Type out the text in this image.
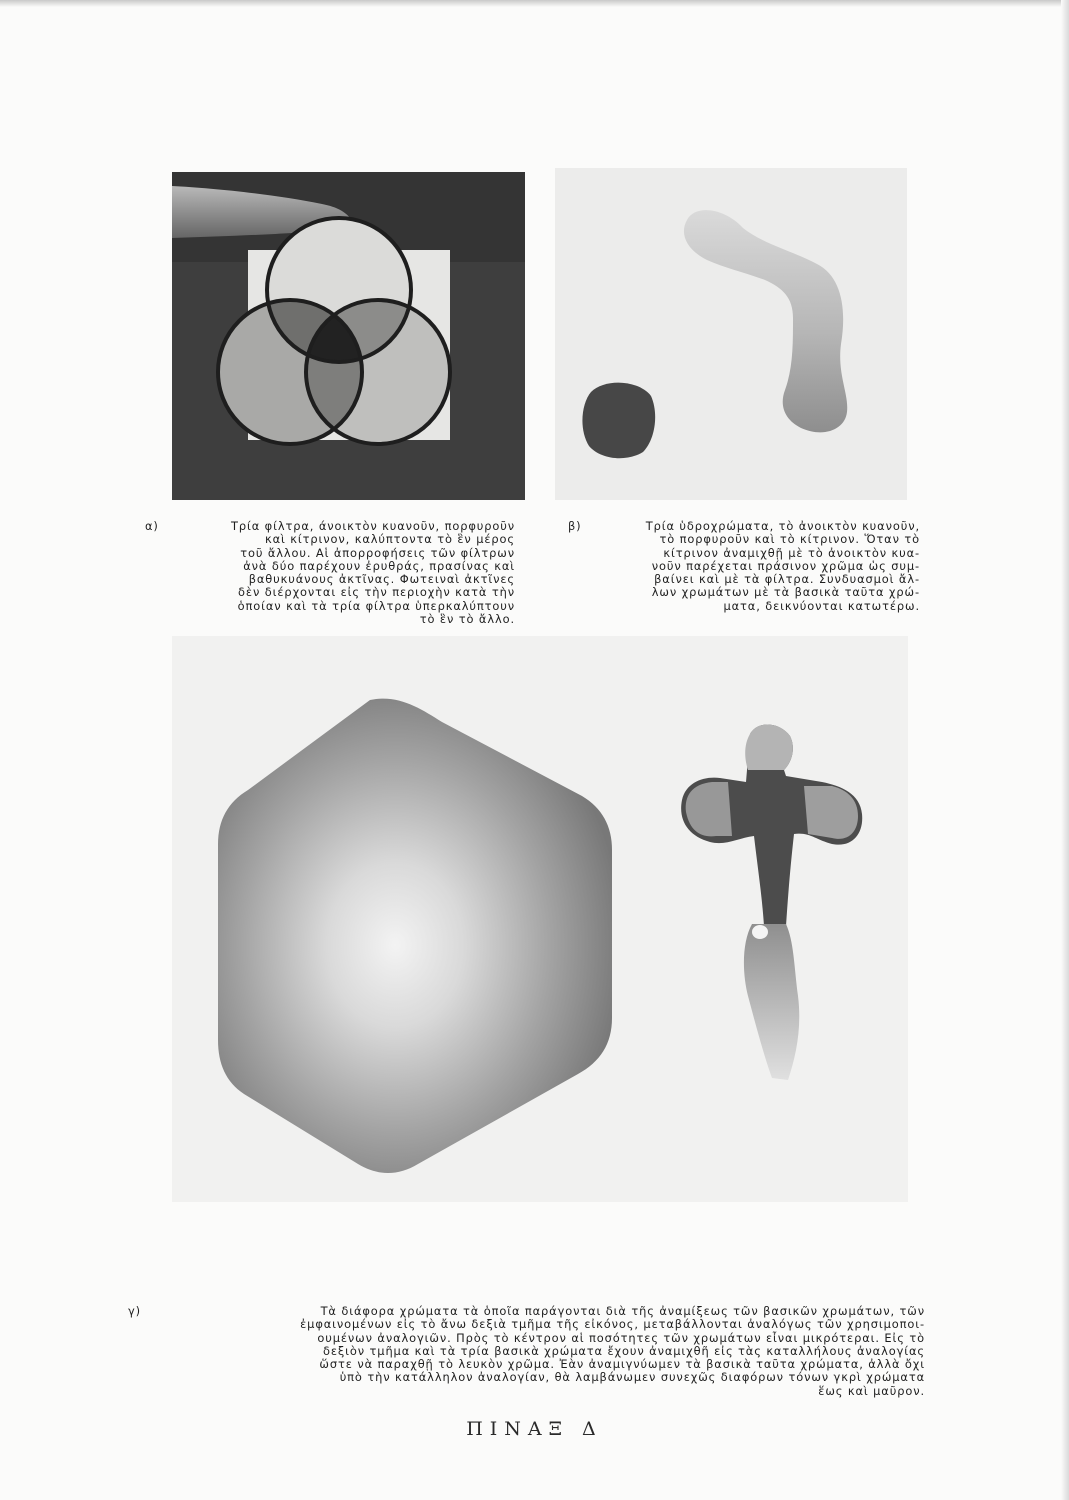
α)	Τρία φίλτρα, άνοικτὸν κυανοῦν, πορφυροῦν
καὶ κίτρινον, καλύπτοντα τὸ ἓν μέρος
τοῦ ἄλλου. Αἱ ἀπορροφήσεις τῶν φίλτρων
ἀνὰ δύο παρέχουν ἐρυθράς, πρασίνας καὶ
βαθυκυάνους ἀκτῖνας. Φωτειναὶ ἀκτῖνες
δὲν διέρχονται εἰς τὴν περιοχὴν κατὰ τὴν
ὁποίαν καὶ τὰ τρία φίλτρα ὑπερκαλύπτουν
τὸ ἓν τὸ ἄλλο.
β)	Τρία ὑδροχρώματα, τὸ ἀνοικτὸν κυανοῦν,
τὸ πορφυροῦν καὶ τὸ κίτρινον. Ὅταν τὸ
κίτρινον ἀναμιχθῇ μὲ τὸ ἀνοικτὸν κυα-
νοῦν παρέχεται πράσινον χρῶμα ὡς συμ-
βαίνει καὶ μὲ τὰ φίλτρα. Συνδυασμοὶ ἄλ-
λων χρωμάτων μὲ τὰ βασικὰ ταῦτα χρώ-
ματα, δεικνύονται κατωτέρω.
γ)	Τὰ διάφορα χρώματα τὰ ὁποῖα παράγονται διὰ τῆς ἀναμίξεως τῶν βασικῶν χρωμάτων, τῶν
ἐμφαινομένων εἰς τὸ ἄνω δεξιὰ τμῆμα τῆς εἰκόνος, μεταβάλλονται ἀναλόγως τῶν χρησιμοποι-
ουμένων ἀναλογιῶν. Πρὸς τὸ κέντρον αἱ ποσότητες τῶν χρωμάτων εἶναι μικρότεραι. Εἰς τὸ
δεξιὸν τμῆμα καὶ τὰ τρία βασικὰ χρώματα ἔχουν ἀναμιχθῆ εἰς τὰς καταλλήλους ἀναλογίας
ὥστε νὰ παραχθῇ τὸ λευκὸν χρῶμα. Ἐὰν ἀναμιγνύωμεν τὰ βασικὰ ταῦτα χρώματα, ἀλλὰ ὄχι
ὑπὸ τὴν κατάλληλον ἀναλογίαν, θὰ λαμβάνωμεν συνεχῶς διαφόρων τόνων γκρὶ χρώματα
ἕως καὶ μαῦρον.
ΠΙΝΑΞ Δ
